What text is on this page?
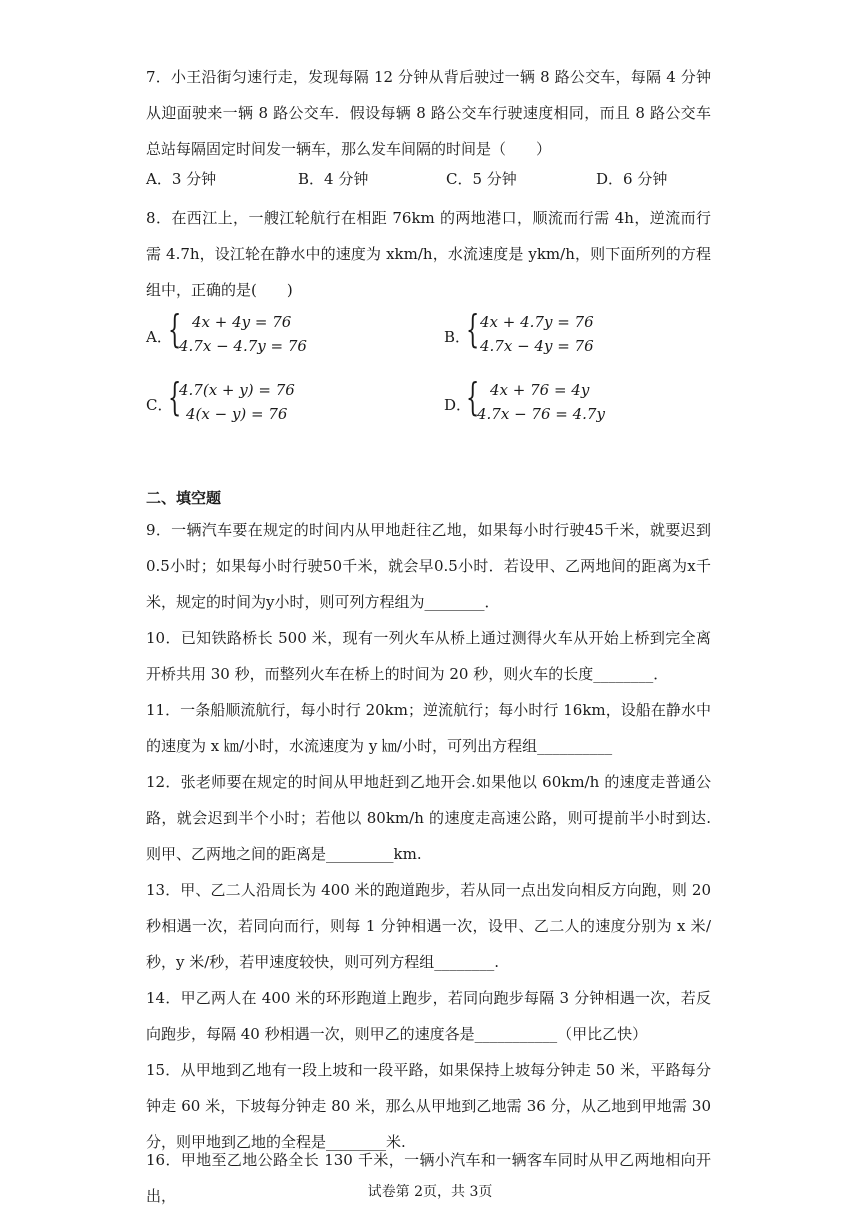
7．小王沿街匀速行走，发现每隔 12 分钟从背后驶过一辆 8 路公交车，每隔 4 分钟从迎面驶来一辆 8 路公交车．假设每辆 8 路公交车行驶速度相同，而且 8 路公交车总站每隔固定时间发一辆车，那么发车间隔的时间是（　　）

A．3 分钟	B．4 分钟	C．5 分钟	D．6 分钟

8．在西江上，一艘江轮航行在相距 76km 的两地港口，顺流而行需 4h，逆流而行需 4.7h，设江轮在静水中的速度为 xkm/h，水流速度是 ykm/h，则下面所列的方程组中，正确的是(　　)

A．
{ 4x + 4y = 76
4.7x − 4.7y = 76	B．
{ 4x + 4.7y = 76
4.7x − 4y = 76
C．
{
4.7(x + y) = 76
4(x − y) = 76	D．
{ 4x + 76 = 4y
4.7x − 76 = 4.7y
二、填空题

9．一辆汽车要在规定的时间内从甲地赶往乙地，如果每小时行驶45千米，就要迟到0.5小时；如果每小时行驶50千米，就会早0.5小时．若设甲、乙两地间的距离为x千米，规定的时间为y小时，则可列方程组为________．

10．已知铁路桥长 500 米，现有一列火车从桥上通过测得火车从开始上桥到完全离开桥共用 30 秒，而整列火车在桥上的时间为 20 秒，则火车的长度________．

11．一条船顺流航行，每小时行 20km；逆流航行；每小时行 16km，设船在静水中的速度为 x ㎞/小时，水流速度为 y ㎞/小时，可列出方程组__________

12．张老师要在规定的时间从甲地赶到乙地开会.如果他以 60km/h 的速度走普通公路，就会迟到半个小时；若他以 80km/h 的速度走高速公路，则可提前半小时到达.则甲、乙两地之间的距离是_________km.

13．甲、乙二人沿周长为 400 米的跑道跑步，若从同一点出发向相反方向跑，则 20 秒相遇一次，若同向而行，则每 1 分钟相遇一次，设甲、乙二人的速度分别为 x 米/秒，y 米/秒，若甲速度较快，则可列方程组________.

14．甲乙两人在 400 米的环形跑道上跑步，若同向跑步每隔 3 分钟相遇一次，若反向跑步，每隔 40 秒相遇一次，则甲乙的速度各是___________（甲比乙快）

15．从甲地到乙地有一段上坡和一段平路，如果保持上坡每分钟走 50 米，平路每分钟走 60 米，下坡每分钟走 80 米，那么从甲地到乙地需 36 分，从乙地到甲地需 30 分，则甲地到乙地的全程是________米.

16．甲地至乙地公路全长 130 千米，一辆小汽车和一辆客车同时从甲乙两地相向开出，	试卷第 2页，共 3页
